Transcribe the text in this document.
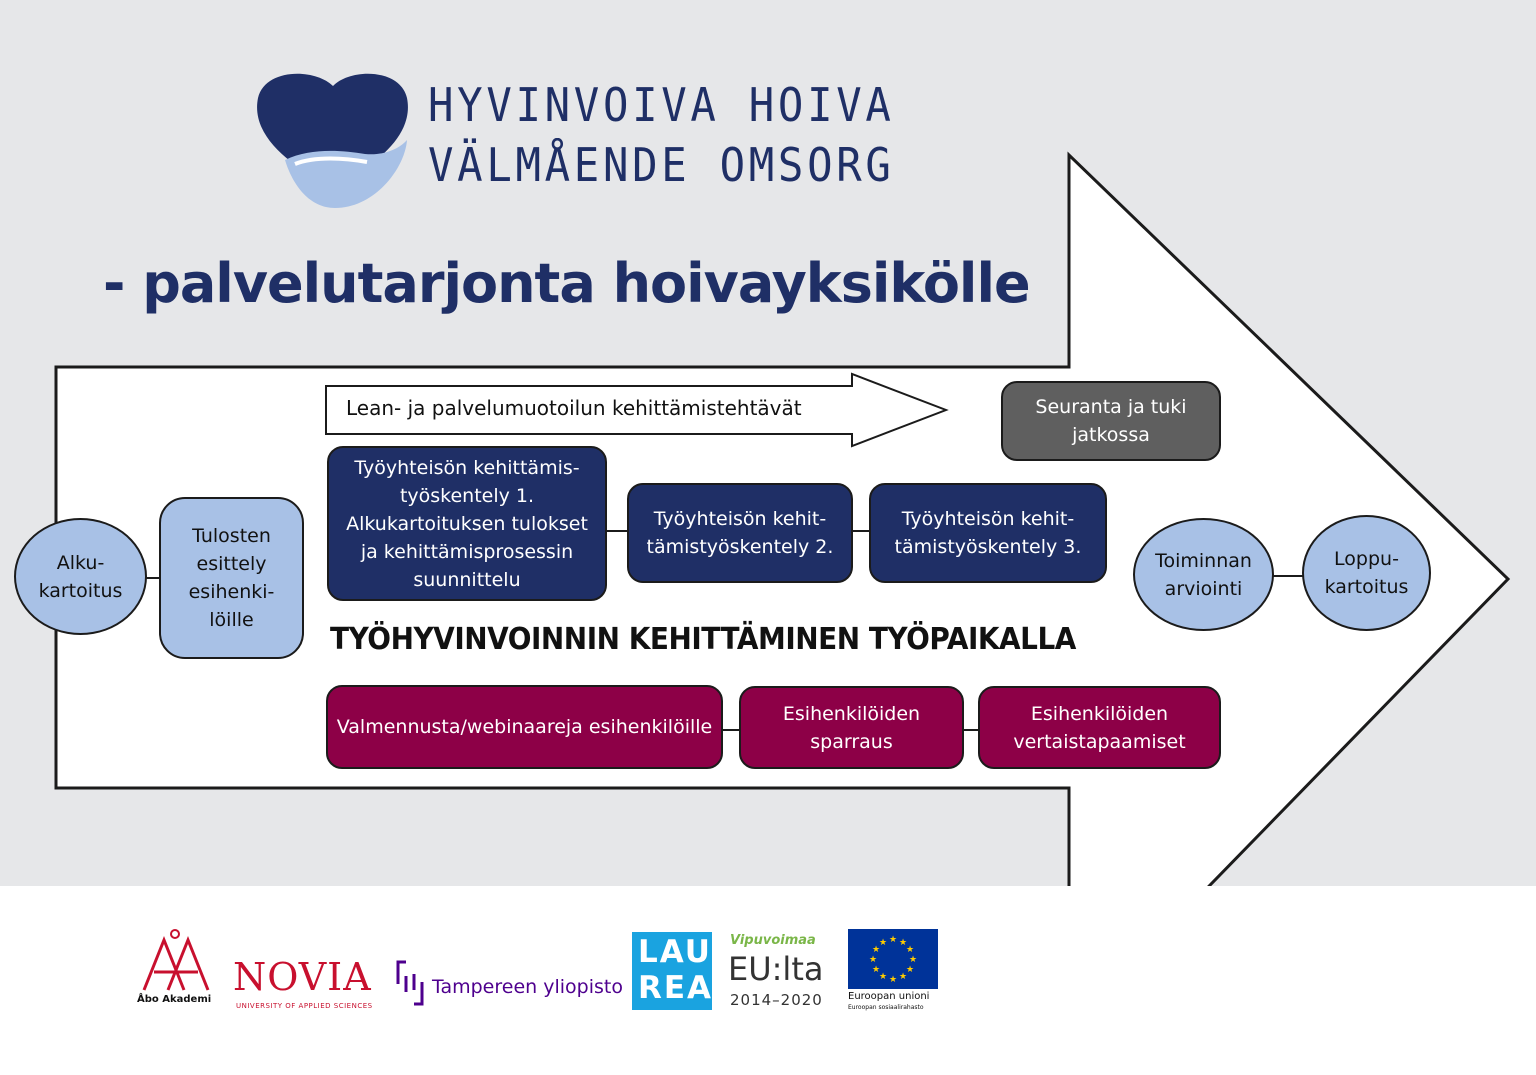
HYVINVOIVA HOIVA
VÄLMÅENDE OMSORG
- palvelutarjonta hoivayksikölle
Lean- ja palvelumuotoilun kehittämistehtävät	Seuranta ja tuki jatkossa
Alku-kartoitus
Tulosten esittely esihenki-löille
Työyhteisön kehittämis-työskentely 1. Alkukartoituksen tulokset ja kehittämisprosessin suunnittelu
Työyhteisön kehit-tämistyöskentely 2.
Työyhteisön kehit-tämistyöskentely 3.
Toiminnan arviointi
Loppu-kartoitus
TYÖHYVINVOINNIN KEHITTÄMINEN TYÖPAIKALLA
Valmennusta/webinaareja esihenkilöille
Esihenkilöiden sparraus
Esihenkilöiden vertaistapaamiset
Åbo Akademi
NOVIA
UNIVERSITY OF APPLIED SCIENCES
Tampereen yliopisto
LAU
REA
Vipuvoimaa
EU:lta
2014–2020
★ ★
★
★
★
★
★
★
★
★
★
★
Euroopan unioni
Euroopan sosiaalirahasto
